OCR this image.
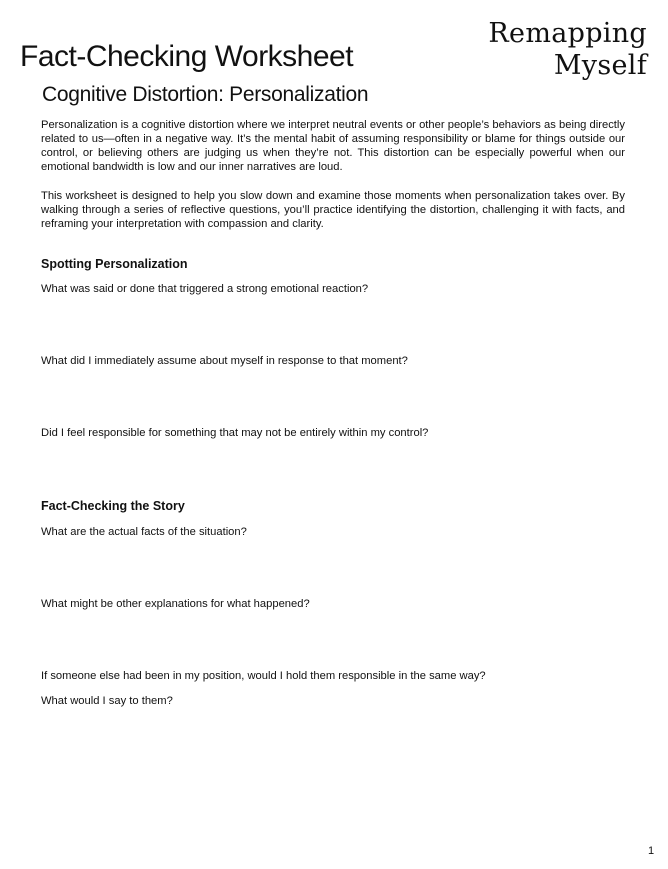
Fact-Checking Worksheet
Remapping
Myself
Cognitive Distortion: Personalization
Personalization is a cognitive distortion where we interpret neutral events or other people’s behaviors as being directly related to us—often in a negative way. It’s the mental habit of assuming responsibility or blame for things outside our control, or believing others are judging us when they’re not. This distortion can be especially powerful when our emotional bandwidth is low and our inner narratives are loud.
This worksheet is designed to help you slow down and examine those moments when personalization takes over. By walking through a series of reflective questions, you’ll practice identifying the distortion, challenging it with facts, and reframing your interpretation with compassion and clarity.
Spotting Personalization
What was said or done that triggered a strong emotional reaction?
What did I immediately assume about myself in response to that moment?
Did I feel responsible for something that may not be entirely within my control?
Fact-Checking the Story
What are the actual facts of the situation?
What might be other explanations for what happened?
If someone else had been in my position, would I hold them responsible in the same way?
What would I say to them?
1
